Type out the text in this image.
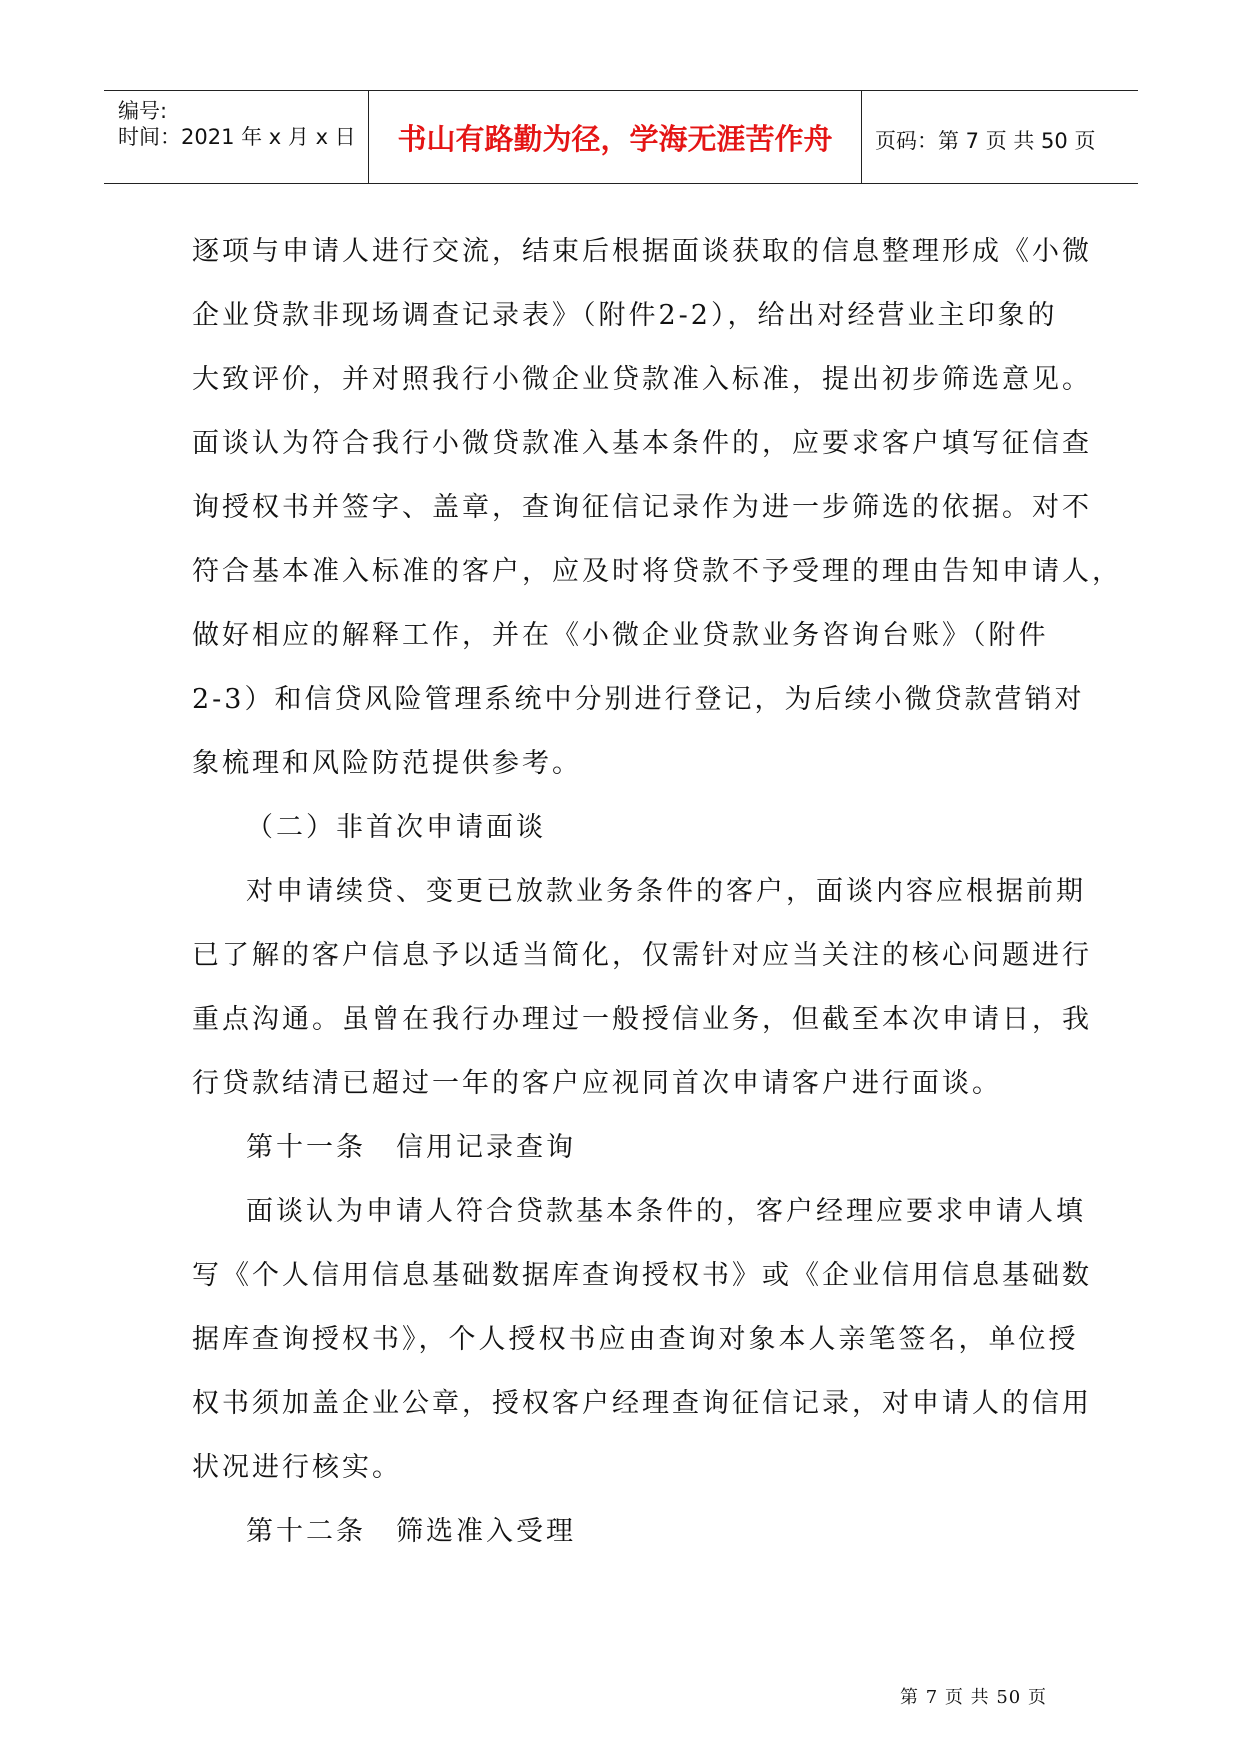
编号:
时间：2021 年 x 月 x 日	书山有路勤为径，学海无涯苦作舟	页码：第 7 页 共 50 页
逐项与申请人进行交流，结束后根据面谈获取的信息整理形成《小微
企业贷款非现场调查记录表》（附件2-2），给出对经营业主印象的
大致评价，并对照我行小微企业贷款准入标准，提出初步筛选意见。
面谈认为符合我行小微贷款准入基本条件的，应要求客户填写征信查
询授权书并签字、盖章，查询征信记录作为进一步筛选的依据。对不
符合基本准入标准的客户，应及时将贷款不予受理的理由告知申请人，
做好相应的解释工作，并在《小微企业贷款业务咨询台账》（附件
2-3）和信贷风险管理系统中分别进行登记，为后续小微贷款营销对
象梳理和风险防范提供参考。
（二）非首次申请面谈
对申请续贷、变更已放款业务条件的客户，面谈内容应根据前期
已了解的客户信息予以适当简化，仅需针对应当关注的核心问题进行
重点沟通。虽曾在我行办理过一般授信业务，但截至本次申请日，我
行贷款结清已超过一年的客户应视同首次申请客户进行面谈。
第十一条　信用记录查询
面谈认为申请人符合贷款基本条件的，客户经理应要求申请人填
写《个人信用信息基础数据库查询授权书》或《企业信用信息基础数
据库查询授权书》，个人授权书应由查询对象本人亲笔签名，单位授
权书须加盖企业公章，授权客户经理查询征信记录，对申请人的信用
状况进行核实。
第十二条　筛选准入受理
第 7 页 共 50 页
